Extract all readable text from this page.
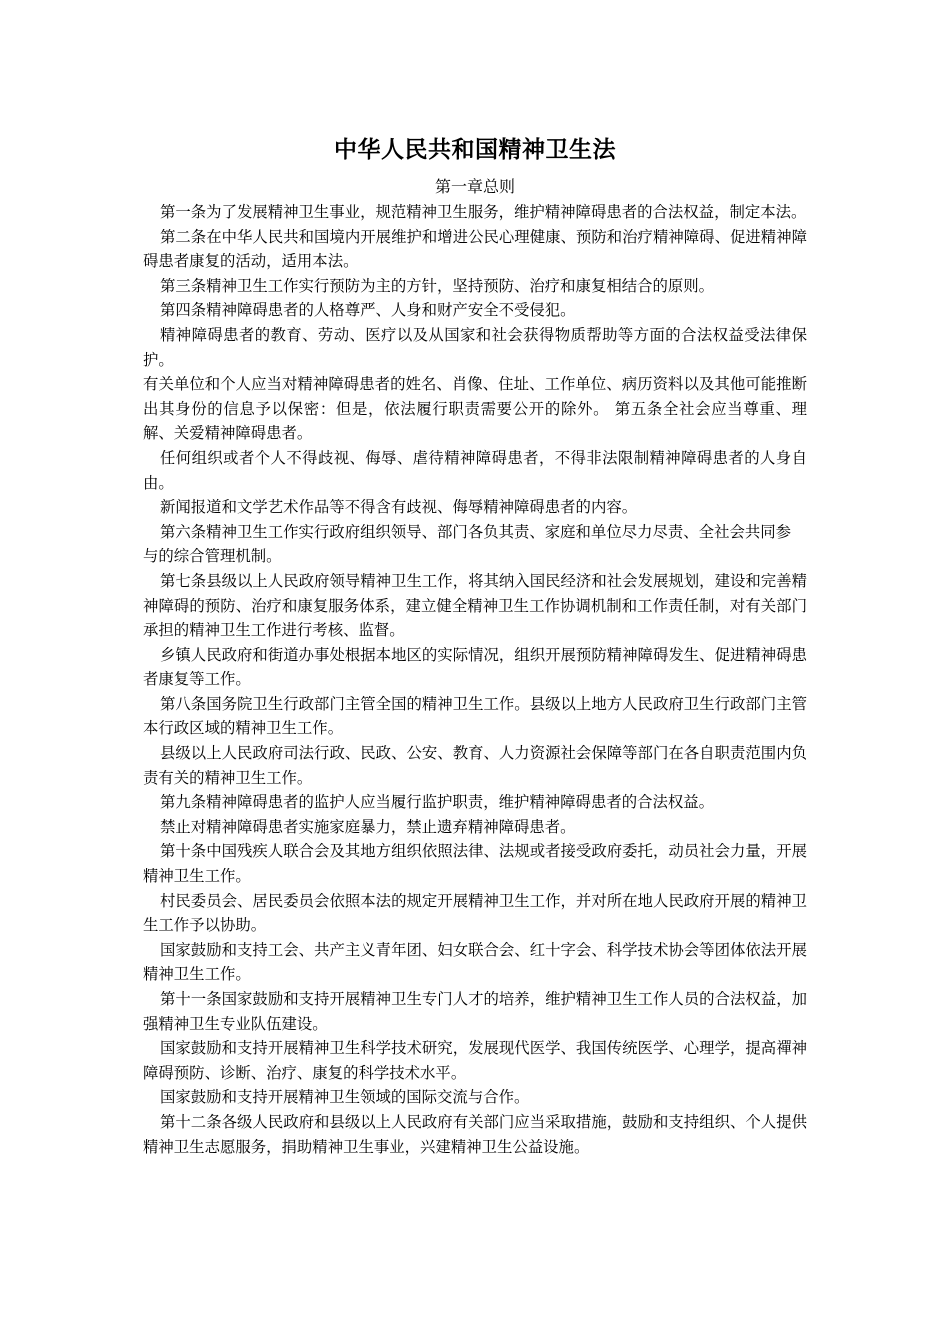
中华人民共和国精神卫生法
第一章总则

第一条为了发展精神卫生事业，规范精神卫生服务，维护精神障碍患者的合法权益，制定本法。

第二条在中华人民共和国境内开展维护和增进公民心理健康、预防和治疗精神障碍、促进精神障碍患者康复的活动，适用本法。

第三条精神卫生工作实行预防为主的方针，坚持预防、治疗和康复相结合的原则。

第四条精神障碍患者的人格尊严、人身和财产安全不受侵犯。

精神障碍患者的教育、劳动、医疗以及从国家和社会获得物质帮助等方面的合法权益受法律保护。

有关单位和个人应当对精神障碍患者的姓名、肖像、住址、工作单位、病历资料以及其他可能推断出其身份的信息予以保密：但是，依法履行职责需要公开的除外。 第五条全社会应当尊重、理解、关爱精神障碍患者。

任何组织或者个人不得歧视、侮辱、虐待精神障碍患者，不得非法限制精神障碍患者的人身自由。

新闻报道和文学艺术作品等不得含有歧视、侮辱精神障碍患者的内容。

第六条精神卫生工作实行政府组织领导、部门各负其责、家庭和单位尽力尽责、全社会共同参

与的综合管理机制。

第七条县级以上人民政府领导精神卫生工作，将其纳入国民经济和社会发展规划，建设和完善精神障碍的预防、治疗和康复服务体系，建立健全精神卫生工作协调机制和工作责任制，对有关部门承担的精神卫生工作进行考核、监督。

乡镇人民政府和街道办事处根据本地区的实际情况，组织开展预防精神障碍发生、促进精神碍患者康复等工作。

第八条国务院卫生行政部门主管全国的精神卫生工作。县级以上地方人民政府卫生行政部门主管本行政区域的精神卫生工作。

县级以上人民政府司法行政、民政、公安、教育、人力资源社会保障等部门在各自职责范围内负责有关的精神卫生工作。

第九条精神障碍患者的监护人应当履行监护职责，维护精神障碍患者的合法权益。

禁止对精神障碍患者实施家庭暴力，禁止遗弃精神障碍患者。

第十条中国残疾人联合会及其地方组织依照法律、法规或者接受政府委托，动员社会力量，开展精神卫生工作。

村民委员会、居民委员会依照本法的规定开展精神卫生工作，并对所在地人民政府开展的精神卫生工作予以协助。

国家鼓励和支持工会、共产主义青年团、妇女联合会、红十字会、科学技术协会等团体依法开展精神卫生工作。

第十一条国家鼓励和支持开展精神卫生专门人才的培养，维护精神卫生工作人员的合法权益，加强精神卫生专业队伍建设。

国家鼓励和支持开展精神卫生科学技术研究，发展现代医学、我国传统医学、心理学，提高禪神障碍预防、诊断、治疗、康复的科学技术水平。

国家鼓励和支持开展精神卫生领域的国际交流与合作。

第十二条各级人民政府和县级以上人民政府有关部门应当采取措施，鼓励和支持组织、个人提供精神卫生志愿服务，捐助精神卫生事业，兴建精神卫生公益设施。
